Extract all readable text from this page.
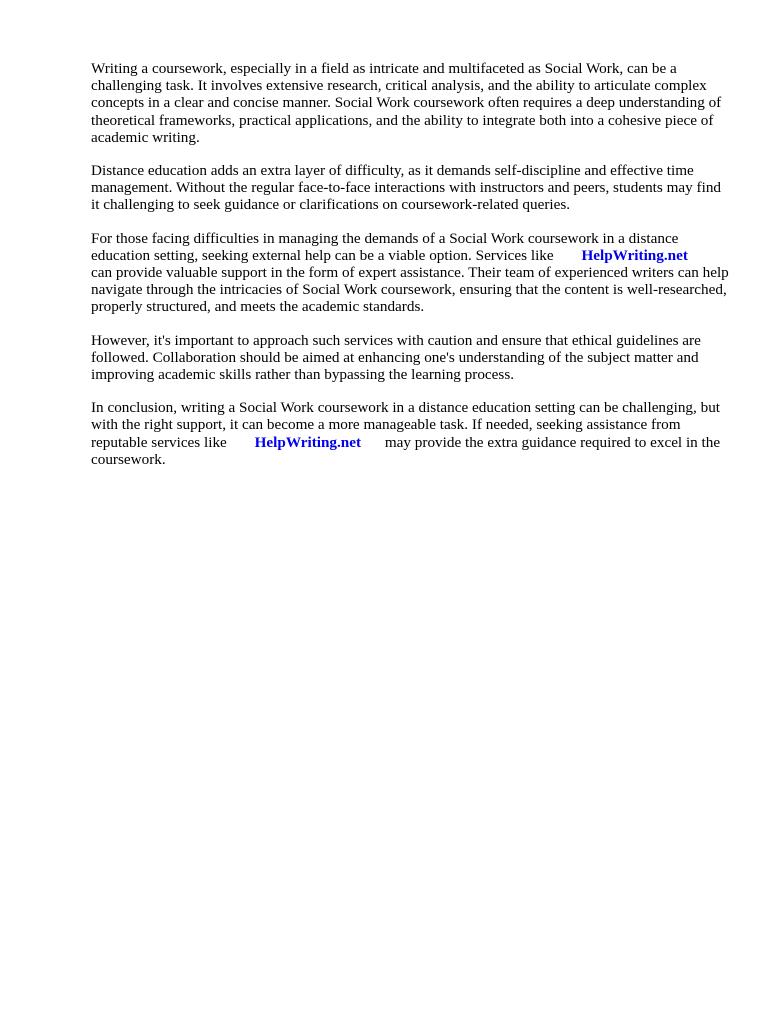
Writing a coursework, especially in a field as intricate and multifaceted as Social Work, can be a challenging task. It involves extensive research, critical analysis, and the ability to articulate complex concepts in a clear and concise manner. Social Work coursework often requires a deep understanding of theoretical frameworks, practical applications, and the ability to integrate both into a cohesive piece of academic writing.

Distance education adds an extra layer of difficulty, as it demands self-discipline and effective time management. Without the regular face-to-face interactions with instructors and peers, students may find it challenging to seek guidance or clarifications on coursework-related queries.

For those facing difficulties in managing the demands of a Social Work coursework in a distance education setting, seeking external help can be a viable option. Services like HelpWriting.net
can provide valuable support in the form of expert assistance. Their team of experienced writers can help navigate through the intricacies of Social Work coursework, ensuring that the content is well-researched, properly structured, and meets the academic standards.

However, it's important to approach such services with caution and ensure that ethical guidelines are followed. Collaboration should be aimed at enhancing one's understanding of the subject matter and improving academic skills rather than bypassing the learning process.

In conclusion, writing a Social Work coursework in a distance education setting can be challenging, but with the right support, it can become a more manageable task. If needed, seeking assistance from reputable services like HelpWriting.net may provide the extra guidance required to excel in the coursework.
